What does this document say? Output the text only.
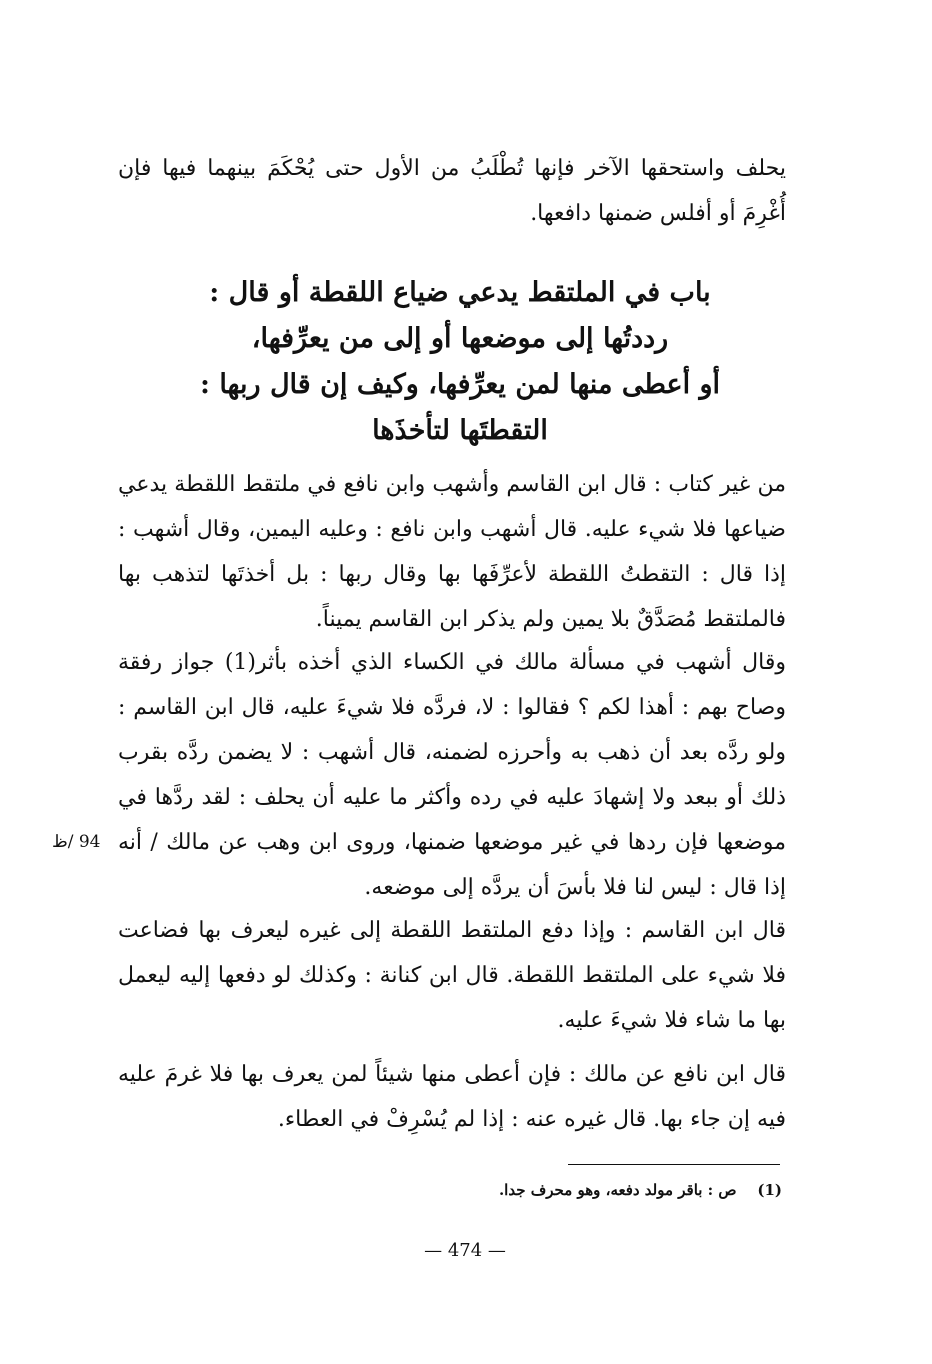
يحلف واستحقها الآخر فإنها تُطْلَبُ من الأول حتى يُحْكَمَ بينهما فيها فإن أُغْرِمَ أو أفلس ضمنها دافعها.

باب في الملتقط يدعي ضياع اللقطة أو قال :
رددتُها إلى موضعها أو إلى من يعرِّفها،
أو أعطى منها لمن يعرِّفها، وكيف إن قال ربها :
التقطتَها لتأخذَها

من غير كتاب : قال ابن القاسم وأشهب وابن نافع في ملتقط اللقطة يدعي ضياعها فلا شيء عليه. قال أشهب وابن نافع : وعليه اليمين، وقال أشهب : إذا قال : التقطتُ اللقطة لأعرِّفَها بها وقال ربها : بل أخذتَها لتذهب بها فالملتقط مُصَدَّقٌ بلا يمين ولم يذكر ابن القاسم يميناً.

وقال أشهب في مسألة مالك في الكساء الذي أخذه بأثر(1) جواز رفقة وصاح بهم : أهذا لكم ؟ فقالوا : لا، فردَّه فلا شيءَ عليه، قال ابن القاسم : ولو ردَّه بعد أن ذهب به وأحرزه لضمنه، قال أشهب : لا يضمن ردَّه بقرب ذلك أو ببعد ولا إشهادَ عليه في رده وأكثر ما عليه أن يحلف : لقد ردَّها في موضعها فإن ردها في غير موضعها ضمنها، وروى ابن وهب عن مالك / أنه إذا قال : ليس لنا فلا بأسَ أن يردَّه إلى موضعه.

قال ابن القاسم : وإذا دفع الملتقط اللقطة إلى غيره ليعرف بها فضاعت فلا شيء على الملتقط اللقطة. قال ابن كنانة : وكذلك لو دفعها إليه ليعمل بها ما شاء فلا شيءَ عليه.

قال ابن نافع عن مالك : فإن أعطى منها شيئاً لمن يعرف بها فلا غرمَ عليه فيه إن جاء بها. قال غيره عنه : إذا لم يُسْرِفْ في العطاء.

94 /ظ
(1) ص : باقر مولد دفعه، وهو محرف جدا.
— 474 —
